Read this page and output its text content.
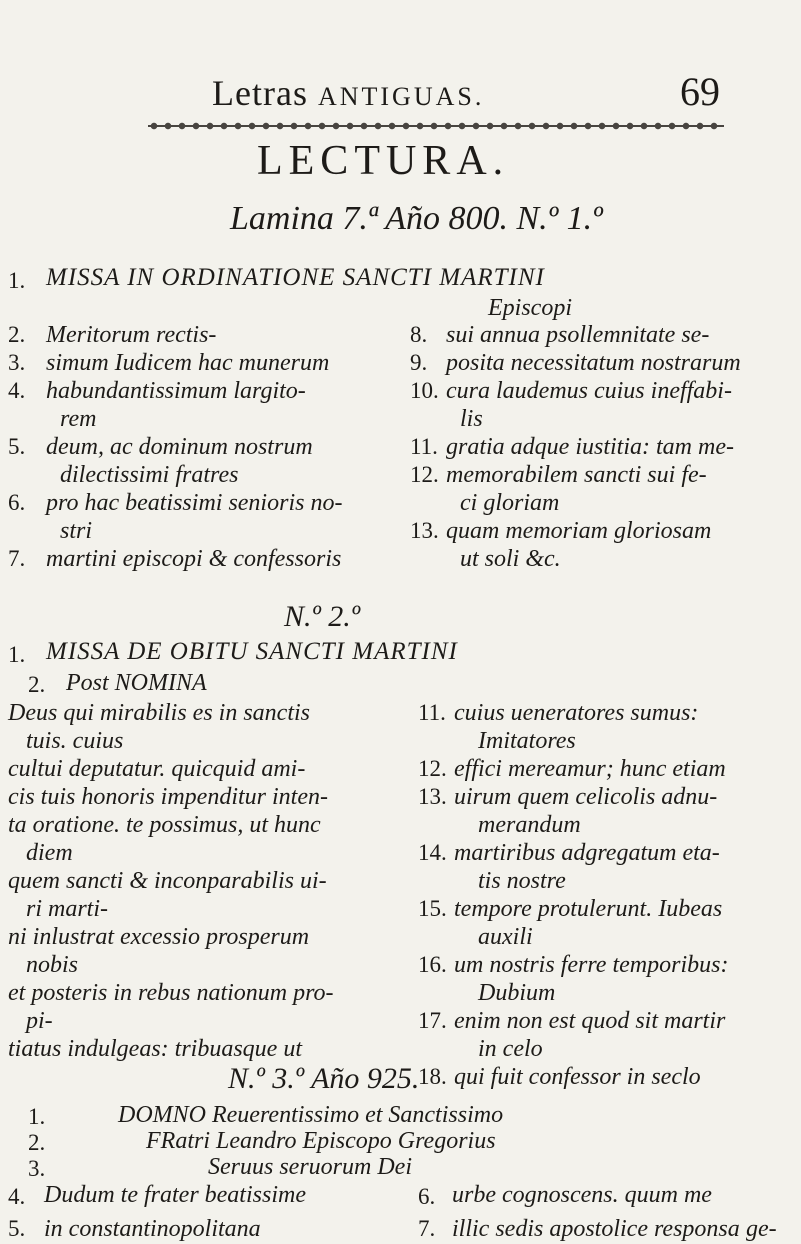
Letras ANTIGUAS.	69
LECTURA.
Lamina 7.ª Año 800. N.º 1.º
1. MISSA IN ORDINATIONE SANCTI MARTINI
Episcopi
2. Meritorum rectis-
3. simum Iudicem hac munerum
4. habundantissimum largito-
rem
5. deum, ac dominum nostrum
dilectissimi fratres
6. pro hac beatissimi senioris no-
stri
7. martini episcopi & confessoris
8. sui annua psollemnitate se-
9. posita necessitatum nostrarum
10. cura laudemus cuius ineffabi-
lis
11. gratia adque iustitia: tam me-
12. memorabilem sancti sui fe-
ci gloriam
13. quam memoriam gloriosam
ut soli &c.
N.º 2.º
1. MISSA DE OBITU SANCTI MARTINI
2. Post NOMINA
Deus qui mirabilis es in sanctis
tuis. cuius
cultui deputatur. quicquid ami-
cis tuis honoris impenditur inten-
ta oratione. te possimus, ut hunc
diem
quem sancti & inconparabilis ui-
ri marti-
ni inlustrat excessio prosperum
nobis
et posteris in rebus nationum pro-
pi-
tiatus indulgeas: tribuasque ut
11. cuius ueneratores sumus:
Imitatores
12. effici mereamur; hunc etiam
13. uirum quem celicolis adnu-
merandum
14. martiribus adgregatum eta-
tis nostre
15. tempore protulerunt. Iubeas
auxili
16. um nostris ferre temporibus:
Dubium
17. enim non est quod sit martir
in celo
18. qui fuit confessor in seclo
N.º 3.º Año 925.
1.	DOMNO Reuerentissimo et Sanctissimo
2.	FRatri Leandro Episcopo Gregorius
3.	Seruus seruorum Dei
4. Dudum te frater beatissime	6. urbe cognoscens. quum me
5. in constantinopolitana	7. illic sedis apostolice responsa ge-
